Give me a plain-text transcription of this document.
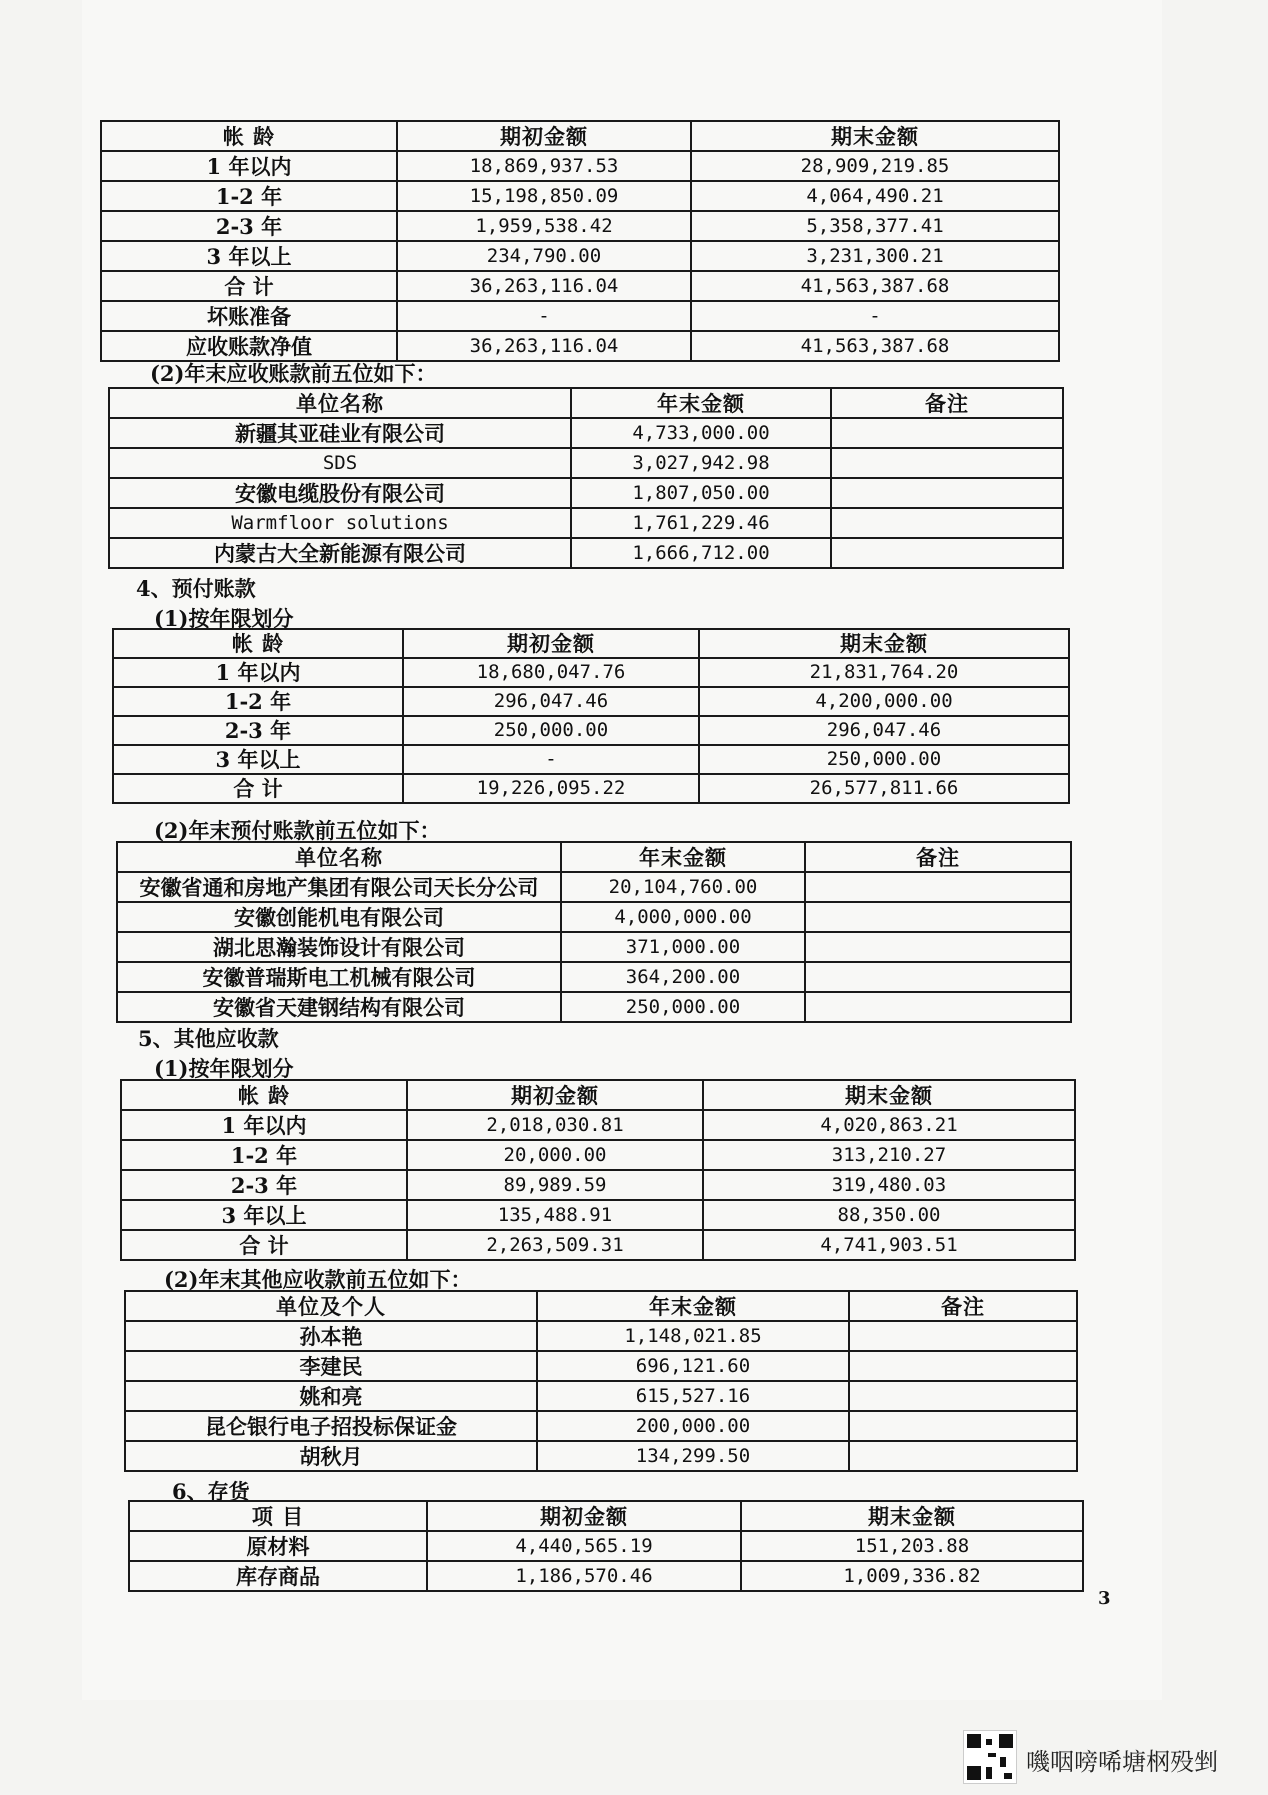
帐 龄	期初金额	期末金额
1 年以内	18,869,937.53	28,909,219.85
1-2 年	15,198,850.09	4,064,490.21
2-3 年	1,959,538.42	5,358,377.41
3 年以上	234,790.00	3,231,300.21
合 计	36,263,116.04	41,563,387.68
坏账准备	-	-
应收账款净值	36,263,116.04	41,563,387.68
(2)年末应收账款前五位如下：
单位名称	年末金额	备注
新疆其亚硅业有限公司	4,733,000.00	
SDS	3,027,942.98	
安徽电缆股份有限公司	1,807,050.00	
Warmfloor solutions	1,761,229.46	
内蒙古大全新能源有限公司	1,666,712.00	
4、预付账款
(1)按年限划分
帐 龄	期初金额	期末金额
1 年以内	18,680,047.76	21,831,764.20
1-2 年	296,047.46	4,200,000.00
2-3 年	250,000.00	296,047.46
3 年以上	-	250,000.00
合 计	19,226,095.22	26,577,811.66
(2)年末预付账款前五位如下：
单位名称	年末金额	备注
安徽省通和房地产集团有限公司天长分公司	20,104,760.00	
安徽创能机电有限公司	4,000,000.00	
湖北思瀚装饰设计有限公司	371,000.00	
安徽普瑞斯电工机械有限公司	364,200.00	
安徽省天建钢结构有限公司	250,000.00	
5、其他应收款
(1)按年限划分
帐 龄	期初金额	期末金额
1 年以内	2,018,030.81	4,020,863.21
1-2 年	20,000.00	313,210.27
2-3 年	89,989.59	319,480.03
3 年以上	135,488.91	88,350.00
合 计	2,263,509.31	4,741,903.51
(2)年末其他应收款前五位如下：
单位及个人	年末金额	备注
孙本艳	1,148,021.85	
李建民	696,121.60	
姚和亮	615,527.16	
昆仑银行电子招投标保证金	200,000.00	
胡秋月	134,299.50	
6、存货
项 目	期初金额	期末金额
原材料	4,440,565.19	151,203.88
库存商品	1,186,570.46	1,009,336.82
3
嘰咽嗙唏塘㭎殁剉
